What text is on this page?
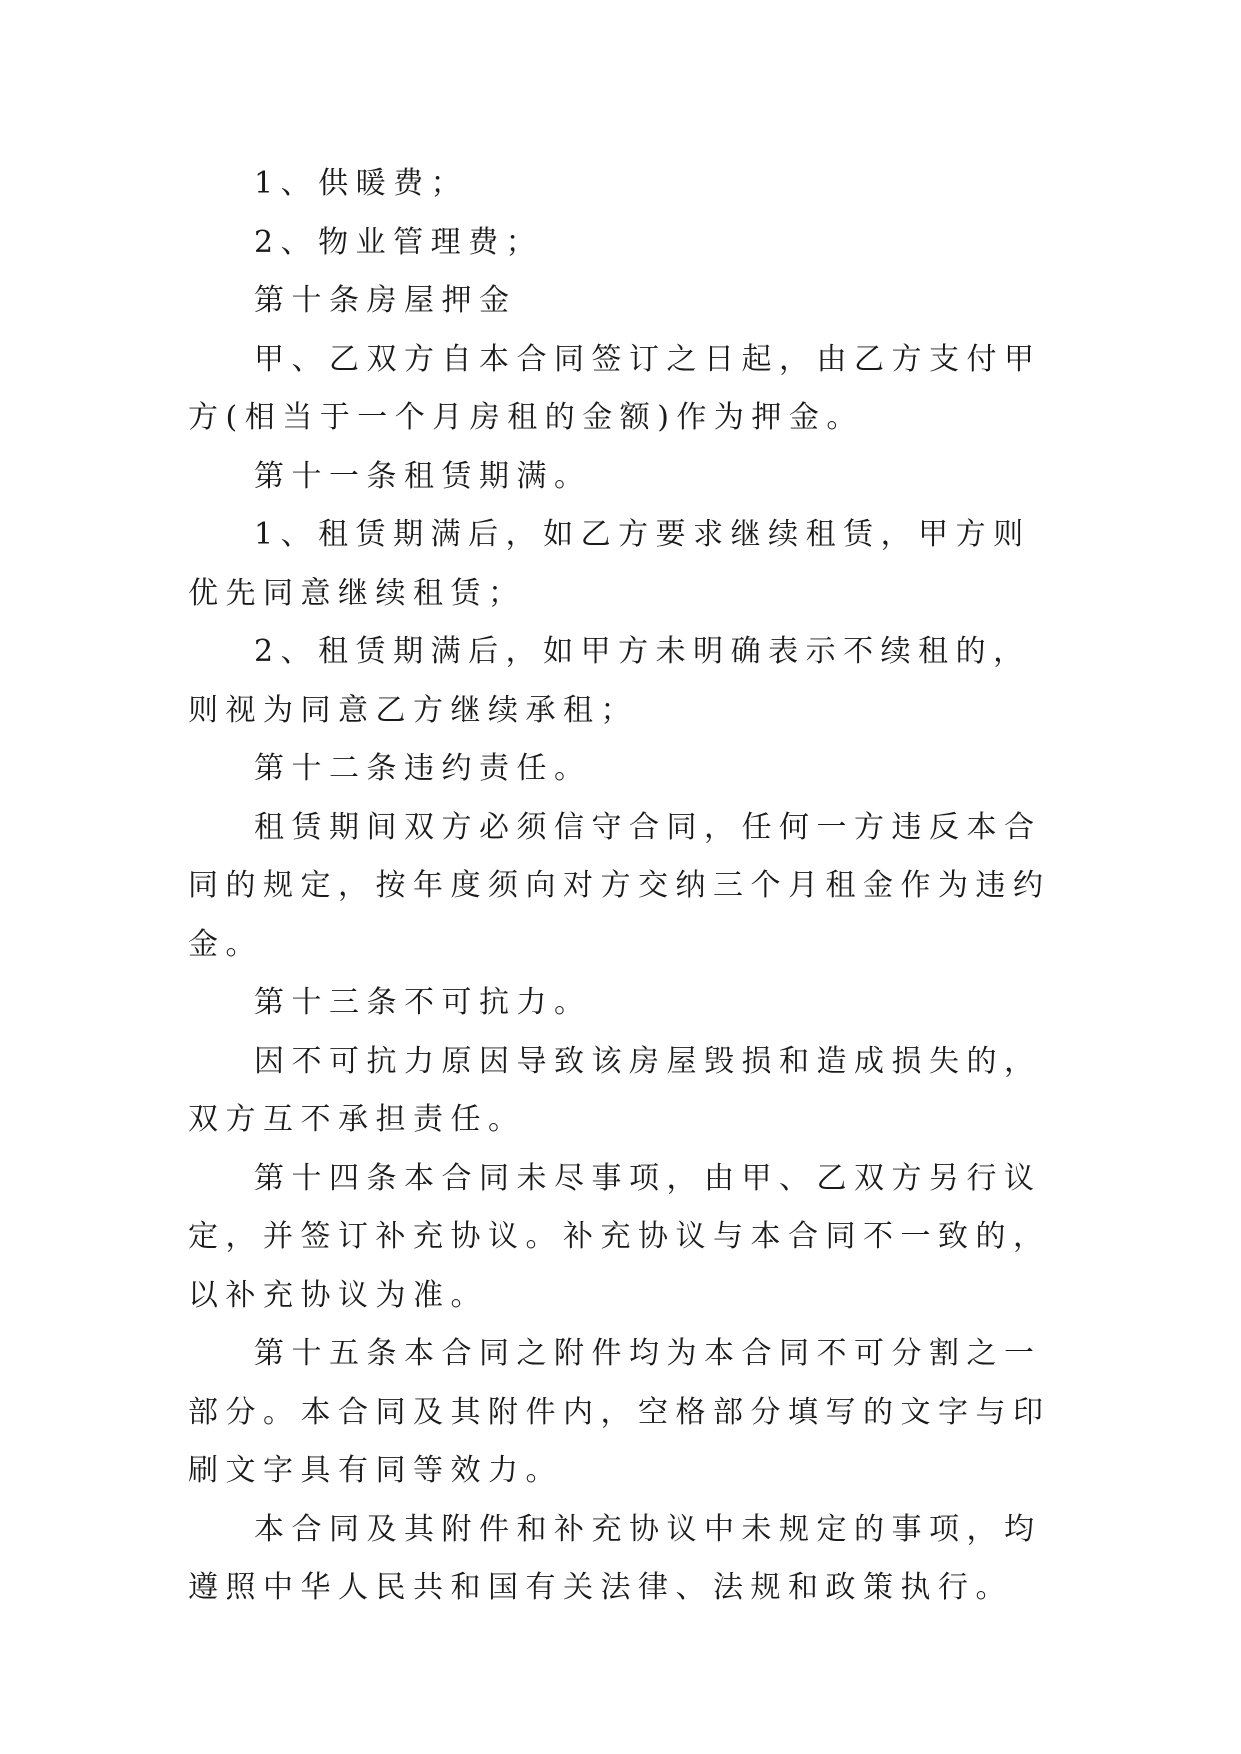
1、供暖费；

2、物业管理费；

第十条房屋押金

甲、乙双方自本合同签订之日起，由乙方支付甲方(相当于一个月房租的金额)作为押金。

第十一条租赁期满。

1、租赁期满后，如乙方要求继续租赁，甲方则优先同意继续租赁；

2、租赁期满后，如甲方未明确表示不续租的，则视为同意乙方继续承租；

第十二条违约责任。

租赁期间双方必须信守合同，任何一方违反本合同的规定，按年度须向对方交纳三个月租金作为违约金。

第十三条不可抗力。

因不可抗力原因导致该房屋毁损和造成损失的，双方互不承担责任。

第十四条本合同未尽事项，由甲、乙双方另行议定，并签订补充协议。补充协议与本合同不一致的，以补充协议为准。

第十五条本合同之附件均为本合同不可分割之一部分。本合同及其附件内，空格部分填写的文字与印刷文字具有同等效力。

本合同及其附件和补充协议中未规定的事项，均遵照中华人民共和国有关法律、法规和政策执行。
